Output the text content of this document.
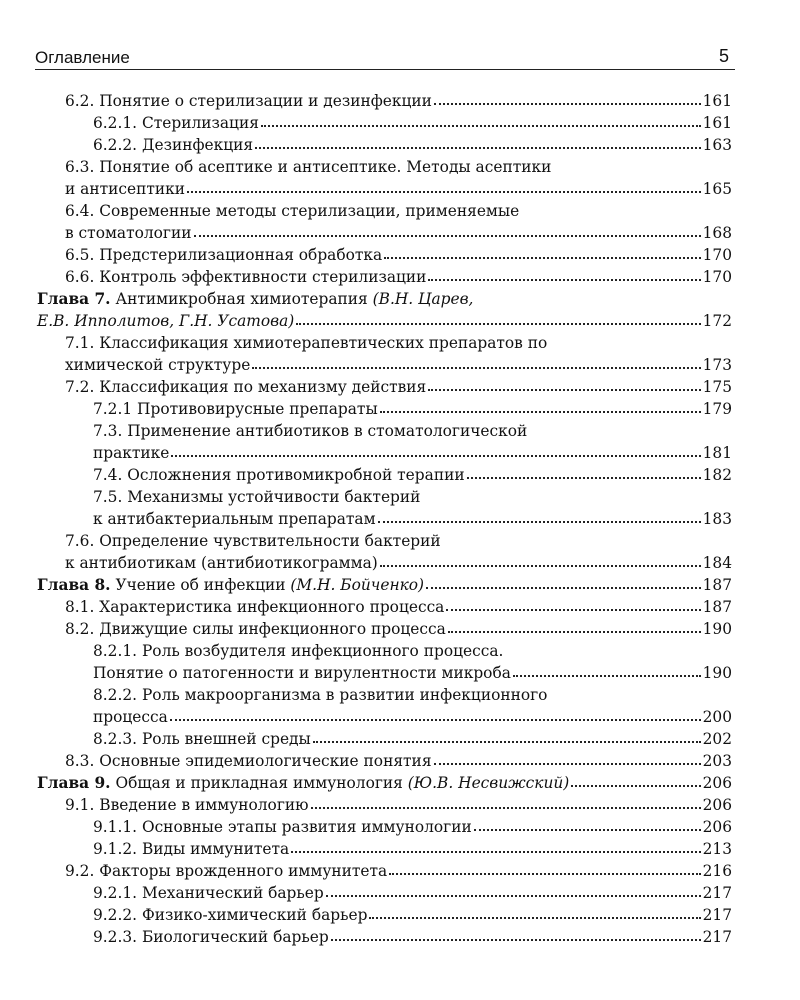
Оглавление	5
6.2. Понятие о стерилизации и дезинфекции	161
6.2.1. Стерилизация	161
6.2.2. Дезинфекция	163
6.3. Понятие об асептике и антисептике. Методы асептики
и антисептики	165
6.4. Современные методы стерилизации, применяемые
в стоматологии	168
6.5. Предстерилизационная обработка	170
6.6. Контроль эффективности стерилизации	170
Глава 7. Антимикробная химиотерапия (В.Н. Царев,
Е.В. Ипполитов, Г.Н. Усатова)	172
7.1. Классификация химиотерапевтических препаратов по
химической структуре	173
7.2. Классификация по механизму действия	175
7.2.1 Противовирусные препараты	179
7.3. Применение антибиотиков в стоматологической
практике	181
7.4. Осложнения противомикробной терапии	182
7.5. Механизмы устойчивости бактерий
к антибактериальным препаратам	183
7.6. Определение чувствительности бактерий
к антибиотикам (антибиотикограмма)	184
Глава 8. Учение об инфекции (М.Н. Бойченко)	187
8.1. Характеристика инфекционного процесса	187
8.2. Движущие силы инфекционного процесса	190
8.2.1. Роль возбудителя инфекционного процесса.
Понятие о патогенности и вирулентности микроба	190
8.2.2. Роль макроорганизма в развитии инфекционного
процесса	200
8.2.3. Роль внешней среды	202
8.3. Основные эпидемиологические понятия	203
Глава 9. Общая и прикладная иммунология (Ю.В. Несвижский)	206
9.1. Введение в иммунологию	206
9.1.1. Основные этапы развития иммунологии	206
9.1.2. Виды иммунитета	213
9.2. Факторы врожденного иммунитета	216
9.2.1. Механический барьер	217
9.2.2. Физико-химический барьер	217
9.2.3. Биологический барьер	217
